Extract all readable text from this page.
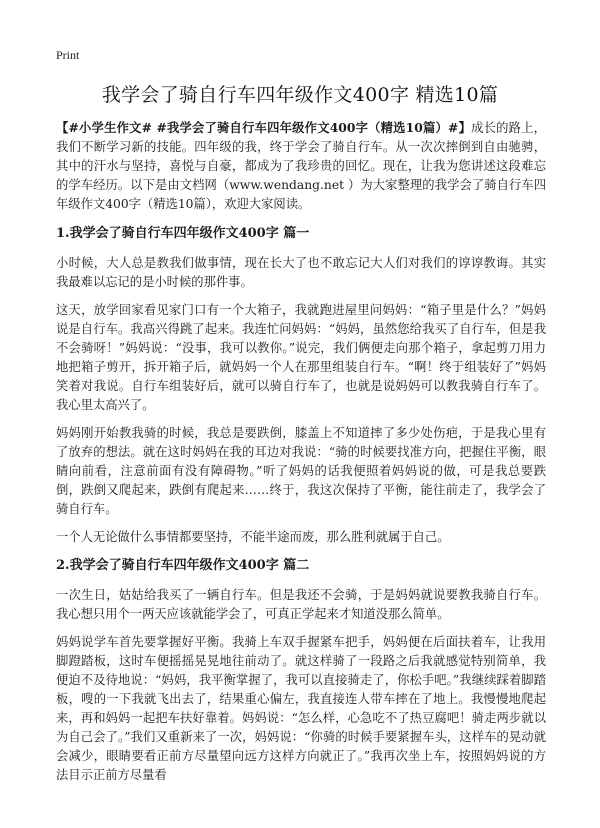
Print
我学会了骑自行车四年级作文400字 精选10篇

【#小学生作文# #我学会了骑自行车四年级作文400字（精选10篇）#】成长的路上，我们不断学习新的技能。四年级的我，终于学会了骑自行车。从一次次摔倒到自由驰骋，其中的汗水与坚持，喜悦与自豪，都成为了我珍贵的回忆。现在，让我为您讲述这段难忘的学车经历。以下是由文档网（www.wendang.net ）为大家整理的我学会了骑自行车四年级作文400字（精选10篇），欢迎大家阅读。

1.我学会了骑自行车四年级作文400字 篇一

小时候，大人总是教我们做事情，现在长大了也不敢忘记大人们对我们的谆谆教诲。其实我最难以忘记的是小时候的那件事。

这天，放学回家看见家门口有一个大箱子，我就跑进屋里问妈妈：“箱子里是什么？”妈妈说是自行车。我高兴得跳了起来。我连忙问妈妈：“妈妈，虽然您给我买了自行车，但是我不会骑呀！”妈妈说：“没事，我可以教你。”说完，我们俩便走向那个箱子，拿起剪刀用力地把箱子剪开，拆开箱子后，就妈妈一个人在那里组装自行车。“啊！终于组装好了”妈妈笑着对我说。自行车组装好后，就可以骑自行车了，也就是说妈妈可以教我骑自行车了。我心里太高兴了。

妈妈刚开始教我骑的时候，我总是要跌倒，膝盖上不知道摔了多少处伤疤，于是我心里有了放弃的想法。就在这时妈妈在我的耳边对我说：“骑的时候要找准方向，把握住平衡，眼睛向前看，注意前面有没有障碍物。”听了妈妈的话我便照着妈妈说的做，可是我总要跌倒，跌倒又爬起来，跌倒有爬起来……终于，我这次保持了平衡，能往前走了，我学会了骑自行车。

一个人无论做什么事情都要坚持，不能半途而废，那么胜利就属于自己。

2.我学会了骑自行车四年级作文400字 篇二

一次生日，姑姑给我买了一辆自行车。但是我还不会骑，于是妈妈就说要教我骑自行车。我心想只用个一两天应该就能学会了，可真正学起来才知道没那么简单。

妈妈说学车首先要掌握好平衡。我骑上车双手握紧车把手，妈妈便在后面扶着车，让我用脚蹬踏板，这时车便摇摇晃晃地往前动了。就这样骑了一段路之后我就感觉特别简单，我便迫不及待地说：“妈妈，我平衡掌握了，我可以直接骑走了，你松手吧。”我继续踩着脚踏板，嗖的一下我就飞出去了，结果重心偏左，我直接连人带车摔在了地上。我慢慢地爬起来，再和妈妈一起把车扶好靠着。妈妈说：“怎么样，心急吃不了热豆腐吧！骑走两步就以为自己会了。”我们又重新来了一次，妈妈说：“你骑的时候手要紧握车头，这样车的晃动就会减少，眼睛要看正前方尽量望向远方这样方向就正了。”我再次坐上车，按照妈妈说的方法目示正前方尽量看
